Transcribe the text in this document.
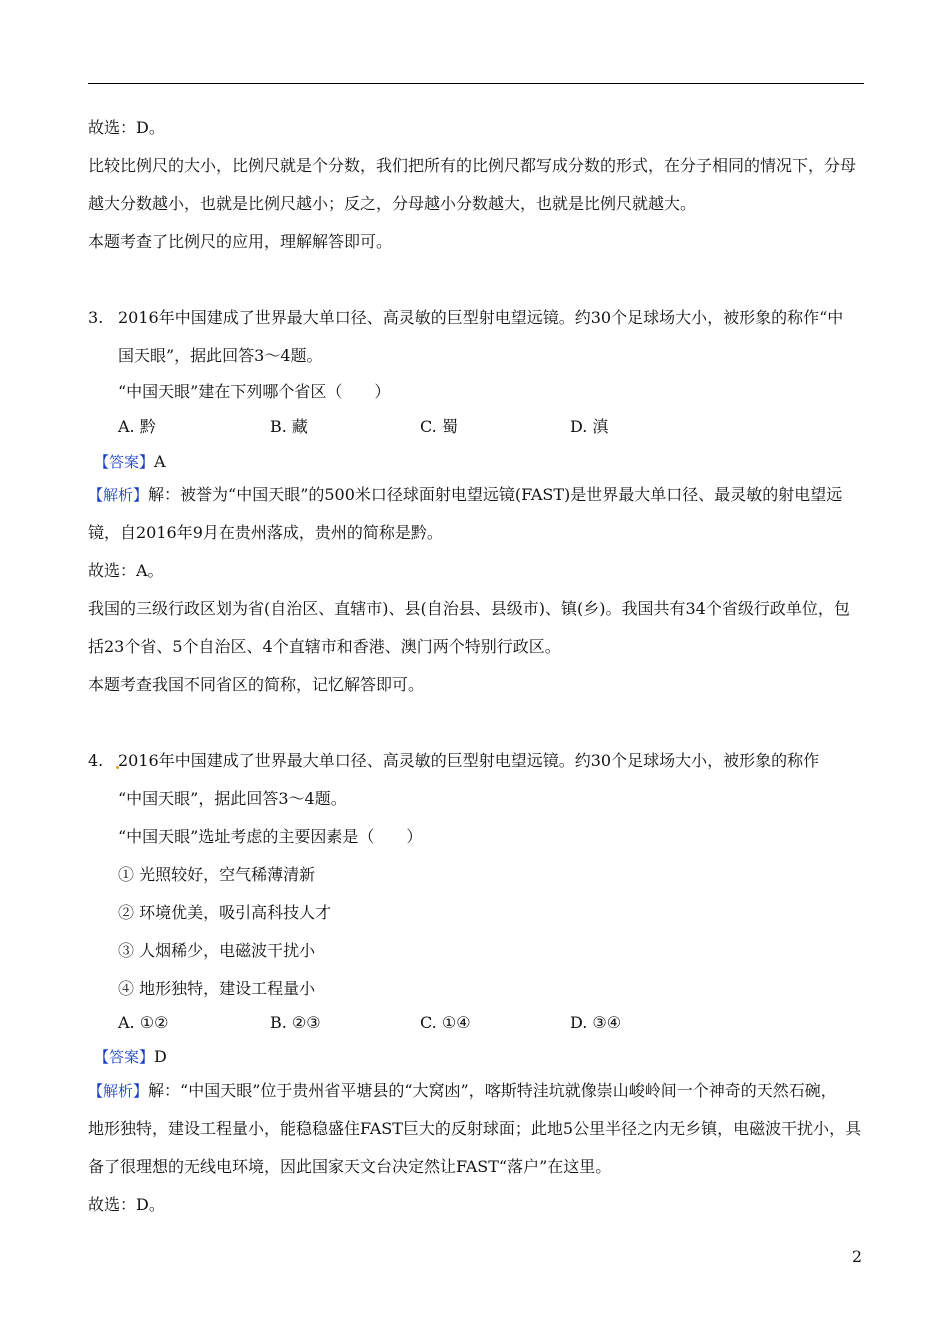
故选：D。
比较比例尺的大小，比例尺就是个分数，我们把所有的比例尺都写成分数的形式，在分子相同的情况下，分母
越大分数越小，也就是比例尺越小；反之，分母越小分数越大，也就是比例尺就越大。
本题考查了比例尺的应用，理解解答即可。
3. 2016年中国建成了世界最大单口径、高灵敏的巨型射电望远镜。约30个足球场大小，被形象的称作“中
国天眼”，据此回答3～4题。
“中国天眼”建在下列哪个省区（　　）
A. 黔	B. 藏	C. 蜀	D. 滇
【答案】A
【解析】解：被誉为“中国天眼”的500米口径球面射电望远镜(FAST)是世界最大单口径、最灵敏的射电望远
镜，自2016年9月在贵州落成，贵州的简称是黔。
故选：A。
我国的三级行政区划为省(自治区、直辖市)、县(自治县、县级市)、镇(乡)。我国共有34个省级行政单位，包
括23个省、5个自治区、4个直辖市和香港、澳门两个特别行政区。
本题考查我国不同省区的简称，记忆解答即可。
4. 2016年中国建成了世界最大单口径、高灵敏的巨型射电望远镜。约30个足球场大小，被形象的称作
“中国天眼”，据此回答3～4题。
“中国天眼”选址考虑的主要因素是（　　）
① 光照较好，空气稀薄清新
② 环境优美，吸引高科技人才
③ 人烟稀少，电磁波干扰小
④ 地形独特，建设工程量小
A. ①②	B. ②③	C. ①④	D. ③④
【答案】D
【解析】解：“中国天眼”位于贵州省平塘县的“大窝凼”，喀斯特洼坑就像崇山峻岭间一个神奇的天然石碗，
地形独特，建设工程量小，能稳稳盛住FAST巨大的反射球面；此地5公里半径之内无乡镇，电磁波干扰小，具
备了很理想的无线电环境，因此国家天文台决定然让FAST“落户”在这里。
故选：D。
2
